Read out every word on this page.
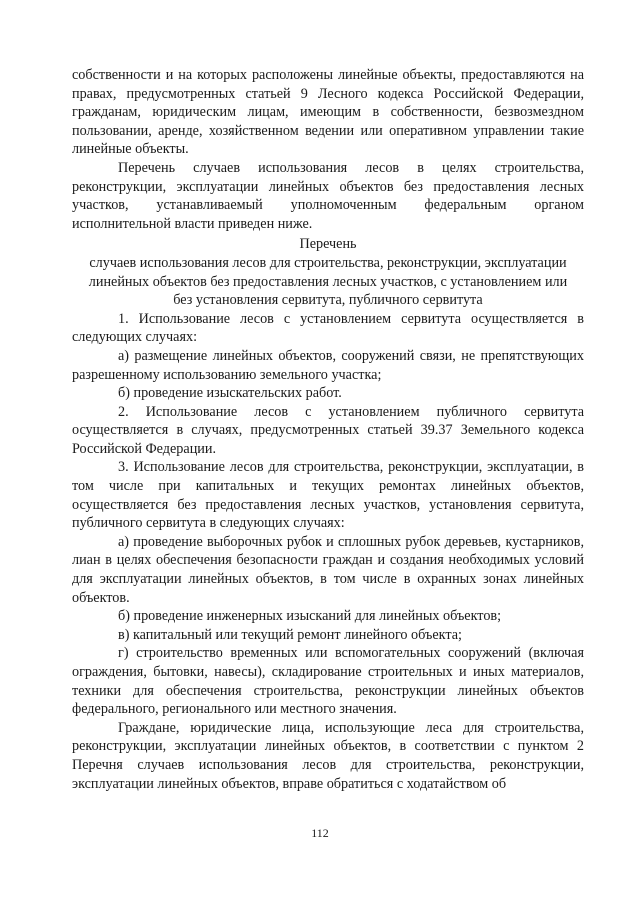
собственности и на которых расположены линейные объекты, предоставляются на правах, предусмотренных статьей 9 Лесного кодекса Российской Федерации, гражданам, юридическим лицам, имеющим в собственности, безвозмездном пользовании, аренде, хозяйственном ведении или оперативном управлении такие линейные объекты.

Перечень случаев использования лесов в целях строительства, реконструкции, эксплуатации линейных объектов без предоставления лесных участков, устанавливаемый уполномоченным федеральным органом исполнительной власти приведен ниже.

Перечень

случаев использования лесов для строительства, реконструкции, эксплуатации линейных объектов без предоставления лесных участков, с установлением или без установления сервитута, публичного сервитута

1. Использование лесов с установлением сервитута осуществляется в следующих случаях:

а) размещение линейных объектов, сооружений связи, не препятствующих разрешенному использованию земельного участка;

б) проведение изыскательских работ.

2. Использование лесов с установлением публичного сервитута осуществляется в случаях, предусмотренных статьей 39.37 Земельного кодекса Российской Федерации.

3. Использование лесов для строительства, реконструкции, эксплуатации, в том числе при капитальных и текущих ремонтах линейных объектов, осуществляется без предоставления лесных участков, установления сервитута, публичного сервитута в следующих случаях:

а) проведение выборочных рубок и сплошных рубок деревьев, кустарников, лиан в целях обеспечения безопасности граждан и создания необходимых условий для эксплуатации линейных объектов, в том числе в охранных зонах линейных объектов.

б) проведение инженерных изысканий для линейных объектов;

в) капитальный или текущий ремонт линейного объекта;

г) строительство временных или вспомогательных сооружений (включая ограждения, бытовки, навесы), складирование строительных и иных материалов, техники для обеспечения строительства, реконструкции линейных объектов федерального, регионального или местного значения.

Граждане, юридические лица, использующие леса для строительства, реконструкции, эксплуатации линейных объектов, в соответствии с пунктом 2 Перечня случаев использования лесов для строительства, реконструкции, эксплуатации линейных объектов, вправе обратиться с ходатайством об

112
